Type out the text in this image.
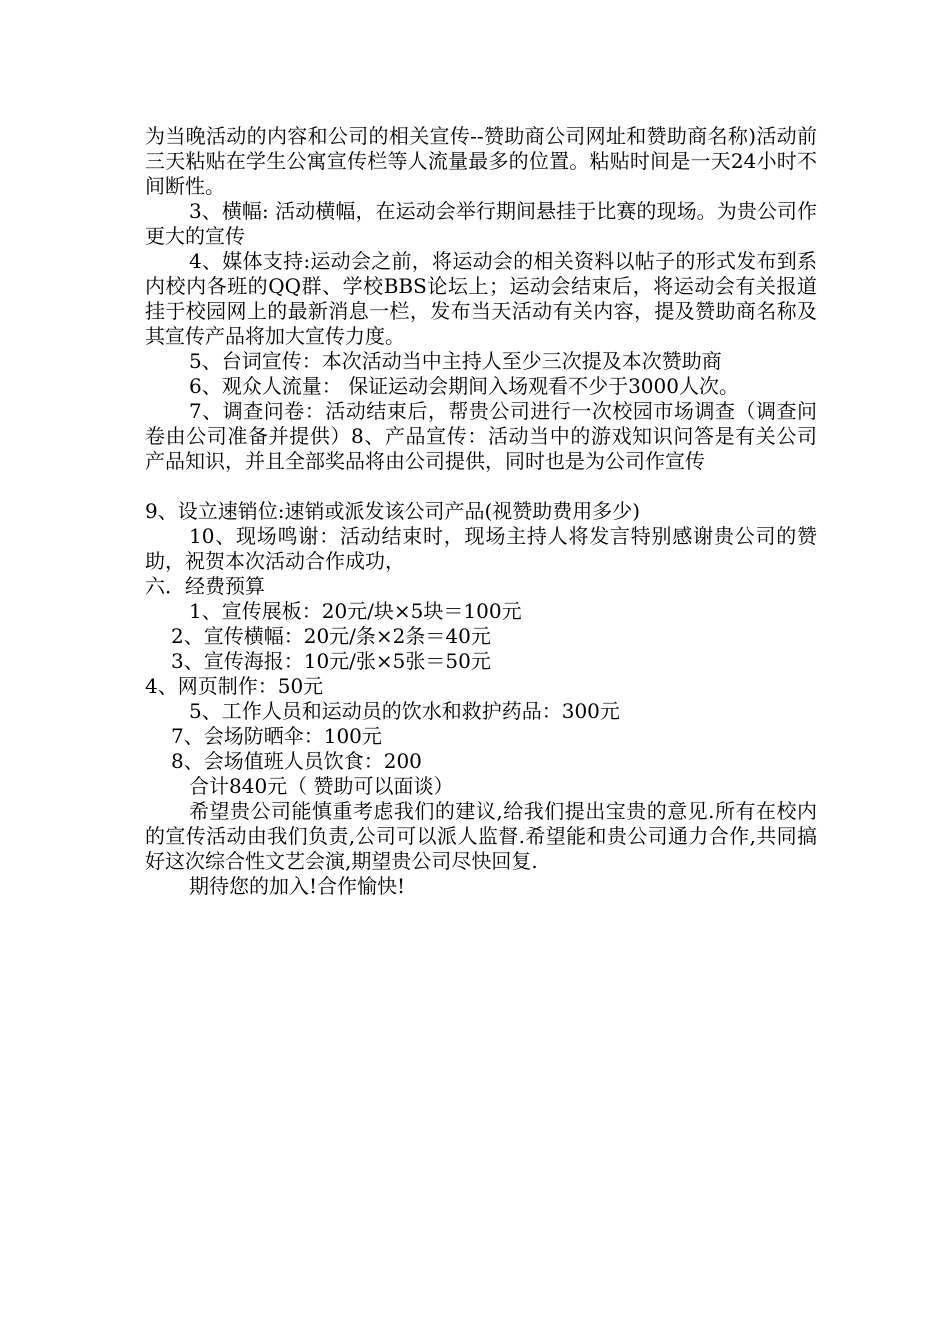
为当晚活动的内容和公司的相关宣传--赞助商公司网址和赞助商名称)活动前三天粘贴在学生公寓宣传栏等人流量最多的位置。粘贴时间是一天24小时不间断性。

3、横幅: 活动横幅，在运动会举行期间悬挂于比赛的现场。为贵公司作更大的宣传

4、媒体支持:运动会之前，将运动会的相关资料以帖子的形式发布到系内校内各班的QQ群、学校BBS论坛上；运动会结束后，将运动会有关报道挂于校园网上的最新消息一栏，发布当天活动有关内容，提及赞助商名称及其宣传产品将加大宣传力度。

5、台词宣传：本次活动当中主持人至少三次提及本次赞助商

6、观众人流量： 保证运动会期间入场观看不少于3000人次。

7、调查问卷：活动结束后，帮贵公司进行一次校园市场调查（调查问卷由公司准备并提供）8、产品宣传：活动当中的游戏知识问答是有关公司产品知识，并且全部奖品将由公司提供，同时也是为公司作宣传

9、设立速销位:速销或派发该公司产品(视赞助费用多少)

10、现场鸣谢：活动结束时，现场主持人将发言特别感谢贵公司的赞助，祝贺本次活动合作成功，

六．经费预算

1、宣传展板：20元/块×5块＝100元

2、宣传横幅：20元/条×2条＝40元

3、宣传海报：10元/张×5张＝50元

4、网页制作：50元

5、工作人员和运动员的饮水和救护药品：300元

7、会场防晒伞：100元

8、会场值班人员饮食：200

合计840元（ 赞助可以面谈）

希望贵公司能慎重考虑我们的建议,给我们提出宝贵的意见.所有在校内的宣传活动由我们负责,公司可以派人监督.希望能和贵公司通力合作,共同搞好这次综合性文艺会演,期望贵公司尽快回复.

期待您的加入!合作愉快!
